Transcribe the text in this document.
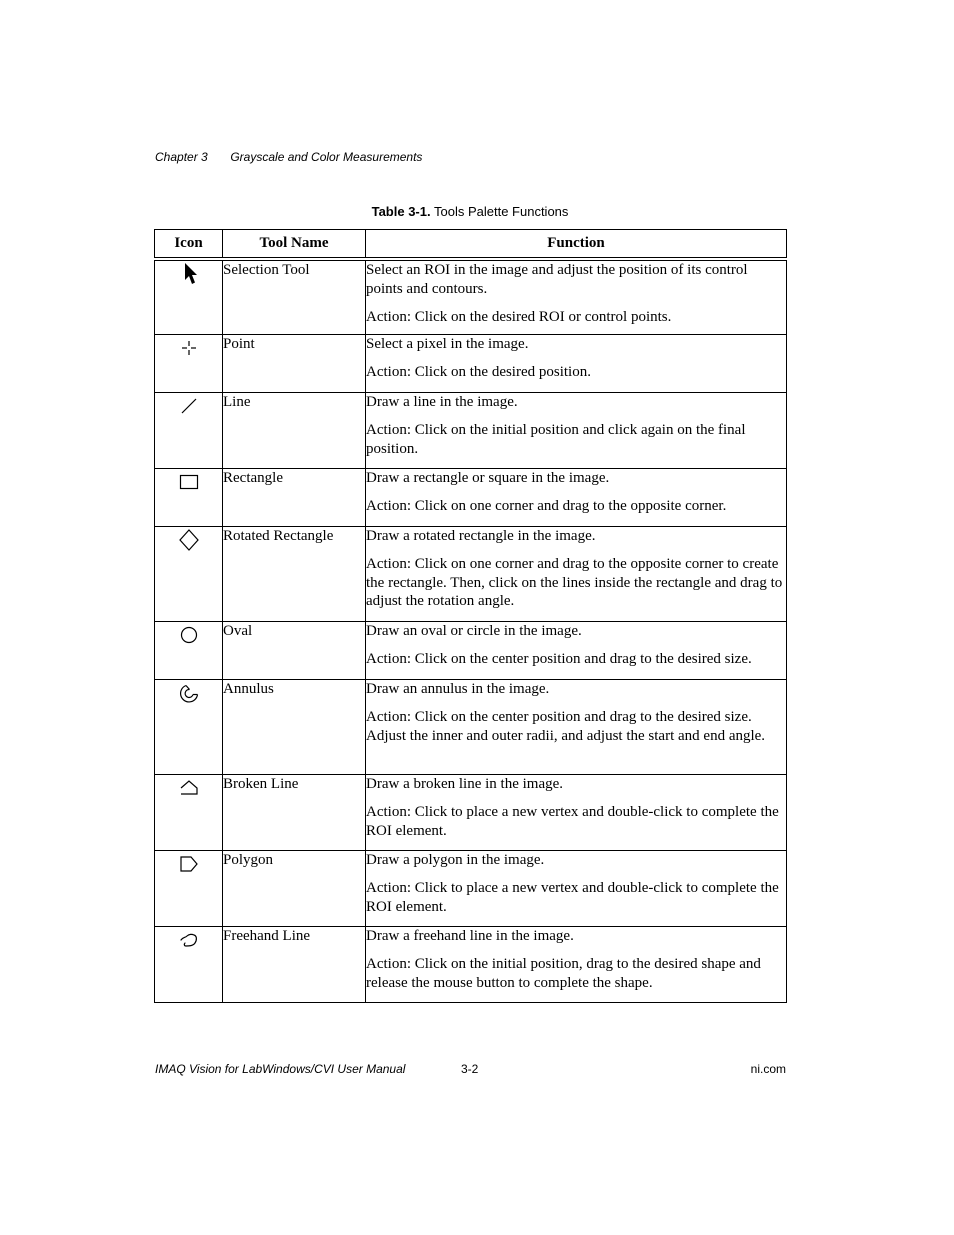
Chapter 3 Grayscale and Color Measurements
Table 3-1. Tools Palette Functions
Icon	Tool Name	Function
	Selection Tool	Select an ROI in the image and adjust the position of its control points and contours.

Action: Click on the desired ROI or control points.

	Point	Select a pixel in the image.

Action: Click on the desired position.

	Line	Draw a line in the image.

Action: Click on the initial position and click again on the final position.

	Rectangle	Draw a rectangle or square in the image.

Action: Click on one corner and drag to the opposite corner.

	Rotated Rectangle	Draw a rotated rectangle in the image.

Action: Click on one corner and drag to the opposite corner to create the rectangle. Then, click on the lines inside the rectangle and drag to adjust the rotation angle.

	Oval	Draw an oval or circle in the image.

Action: Click on the center position and drag to the desired size.

	Annulus	Draw an annulus in the image.

Action: Click on the center position and drag to the desired size. Adjust the inner and outer radii, and adjust the start and end angle.

	Broken Line	Draw a broken line in the image.

Action: Click to place a new vertex and double-click to complete the ROI element.

	Polygon	Draw a polygon in the image.

Action: Click to place a new vertex and double-click to complete the ROI element.

	Freehand Line	Draw a freehand line in the image.

Action: Click on the initial position, drag to the desired shape and release the mouse button to complete the shape.

IMAQ Vision for LabWindows/CVI User Manual	3-2	ni.com
